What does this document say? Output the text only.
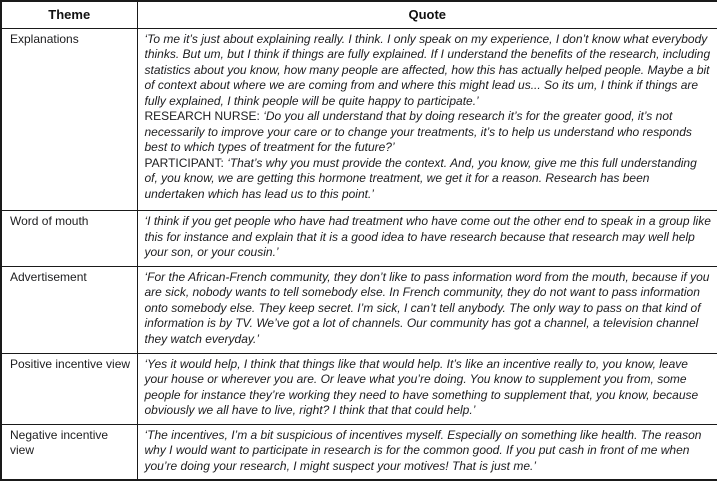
Theme	Quote
Explanations	‘To me it’s just about explaining really. I think. I only speak on my experience, I don’t know what everybody thinks. But um, but I think if things are fully explained. If I understand the benefits of the research, including statistics about you know, how many people are affected, how this has actually helped people. Maybe a bit of context about where we are coming from and where this might lead us... So its um, I think if things are fully explained, I think people will be quite happy to participate.’
RESEARCH NURSE: ‘Do you all understand that by doing research it’s for the greater good, it’s not necessarily to improve your care or to change your treatments, it’s to help us understand who responds best to which types of treatment for the future?’
PARTICIPANT: ‘That’s why you must provide the context. And, you know, give me this full understanding of, you know, we are getting this hormone treatment, we get it for a reason. Research has been undertaken which has lead us to this point.’

Word of mouth	‘I think if you get people who have had treatment who have come out the other end to speak in a group like this for instance and explain that it is a good idea to have research because that research may well help your son, or your cousin.’

Advertisement	‘For the African-French community, they don’t like to pass information word from the mouth, because if you are sick, nobody wants to tell somebody else. In French community, they do not want to pass information onto somebody else. They keep secret. I’m sick, I can’t tell anybody. The only way to pass on that kind of information is by TV. We’ve got a lot of channels. Our community has got a channel, a television channel they watch everyday.’

Positive incentive view	‘Yes it would help, I think that things like that would help. It’s like an incentive really to, you know, leave your house or wherever you are. Or leave what you’re doing. You know to supplement you from, some people for instance they’re working they need to have something to supplement that, you know, because obviously we all have to live, right? I think that that could help.’

Negative incentive view	‘The incentives, I’m a bit suspicious of incentives myself. Especially on something like health. The reason why I would want to participate in research is for the common good. If you put cash in front of me when you’re doing your research, I might suspect your motives! That is just me.’
